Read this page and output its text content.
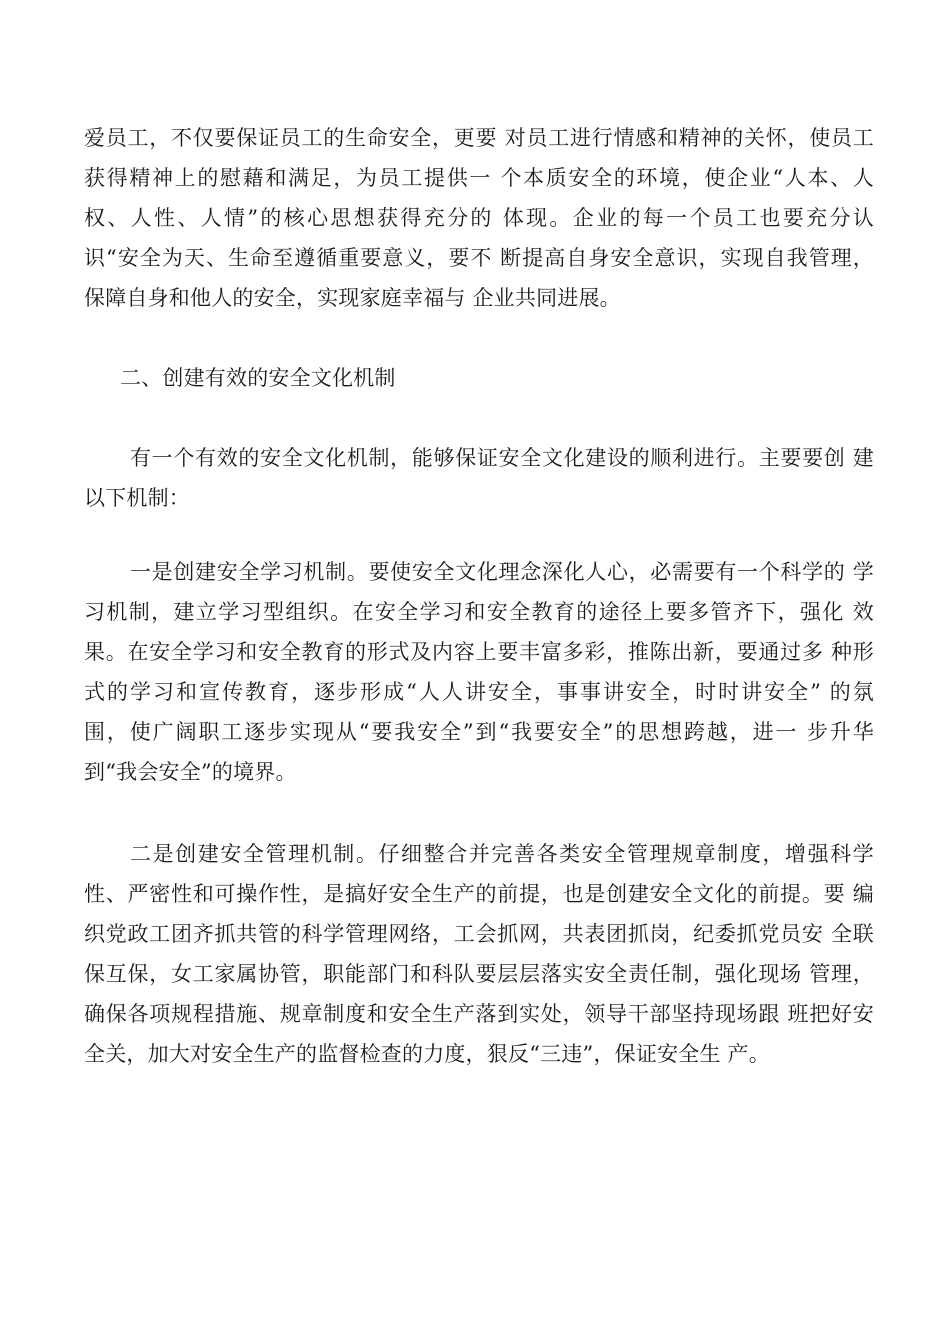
爱员工，不仅要保证员工的生命安全，更要 对员工进行情感和精神的关怀，使员工
获得精神上的慰藉和满足，为员工提供一 个本质安全的环境，使企业“人本、人
权、人性、人情”的核心思想获得充分的 体现。企业的每一个员工也要充分认
识“安全为天、生命至遵循重要意义，要不 断提高自身安全意识，实现自我管理，
保障自身和他人的安全，实现家庭幸福与 企业共同进展。
二、创建有效的安全文化机制
有一个有效的安全文化机制，能够保证安全文化建设的顺利进行。主要要创 建
以下机制：
一是创建安全学习机制。要使安全文化理念深化人心，必需要有一个科学的 学
习机制，建立学习型组织。在安全学习和安全教育的途径上要多管齐下，强化 效
果。在安全学习和安全教育的形式及内容上要丰富多彩，推陈出新，要通过多 种形
式的学习和宣传教育，逐步形成“人人讲安全，事事讲安全，时时讲安全” 的氛
围，使广阔职工逐步实现从“要我安全”到“我要安全”的思想跨越，进一 步升华
到“我会安全”的境界。
二是创建安全管理机制。仔细整合并完善各类安全管理规章制度，增强科学
性、严密性和可操作性，是搞好安全生产的前提，也是创建安全文化的前提。要 编
织党政工团齐抓共管的科学管理网络，工会抓网，共表团抓岗，纪委抓党员安 全联
保互保，女工家属协管，职能部门和科队要层层落实安全责任制，强化现场 管理，
确保各项规程措施、规章制度和安全生产落到实处，领导干部坚持现场跟 班把好安
全关，加大对安全生产的监督检查的力度，狠反“三违”，保证安全生 产。
